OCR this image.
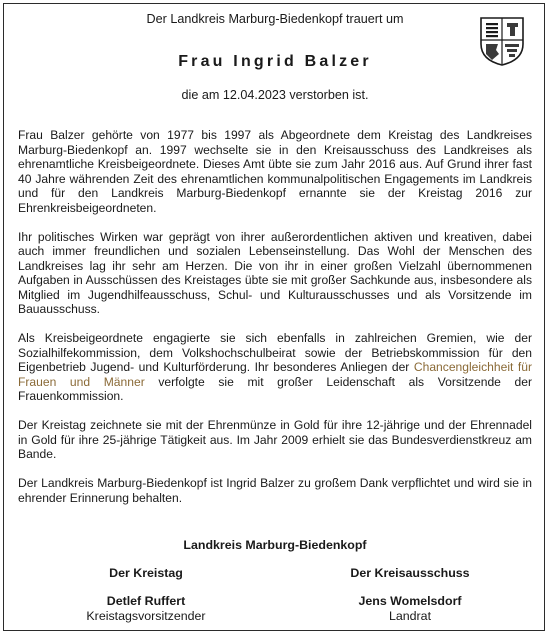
Der Landkreis Marburg-Biedenkopf trauert um
Frau Ingrid Balzer
die am 12.04.2023 verstorben ist.

Frau Balzer gehörte von 1977 bis 1997 als Abgeordnete dem Kreistag des Landkreises Marburg-Biedenkopf an. 1997 wechselte sie in den Kreisausschuss des Landkreises als ehrenamtliche Kreisbeigeordnete. Dieses Amt übte sie zum Jahr 2016 aus. Auf Grund ihrer fast 40 Jahre währenden Zeit des ehrenamtlichen kommunalpolitischen Engagements im Landkreis und für den Landkreis Marburg-Biedenkopf ernannte sie der Kreistag 2016 zur Ehrenkreisbeigeordneten.

Ihr politisches Wirken war geprägt von ihrer außerordentlichen aktiven und kreativen, dabei auch immer freundlichen und sozialen Lebenseinstellung. Das Wohl der Menschen des Landkreises lag ihr sehr am Herzen. Die von ihr in einer großen Vielzahl übernommenen Aufgaben in Ausschüssen des Kreistages übte sie mit großer Sachkunde aus, insbesondere als Mitglied im Jugendhilfeausschuss, Schul- und Kulturausschusses und als Vorsitzende im Bauausschuss.

Als Kreisbeigeordnete engagierte sie sich ebenfalls in zahlreichen Gremien, wie der Sozialhilfekommission, dem Volkshochschulbeirat sowie der Betriebskommission für den Eigenbetrieb Jugend- und Kulturförderung. Ihr besonderes Anliegen der Chancengleichheit für Frauen und Männer verfolgte sie mit großer Leidenschaft als Vorsitzende der Frauenkommission.

Der Kreistag zeichnete sie mit der Ehrenmünze in Gold für ihre 12-jährige und der Ehrennadel in Gold für ihre 25-jährige Tätigkeit aus. Im Jahr 2009 erhielt sie das Bundesverdienstkreuz am Bande.

Der Landkreis Marburg-Biedenkopf ist Ingrid Balzer zu großem Dank verpflichtet und wird sie in ehrender Erinnerung behalten.

Landkreis Marburg-Biedenkopf
Der Kreistag
Detlef Ruffert
Kreistagsvorsitzender
Der Kreisausschuss
Jens Womelsdorf
Landrat
